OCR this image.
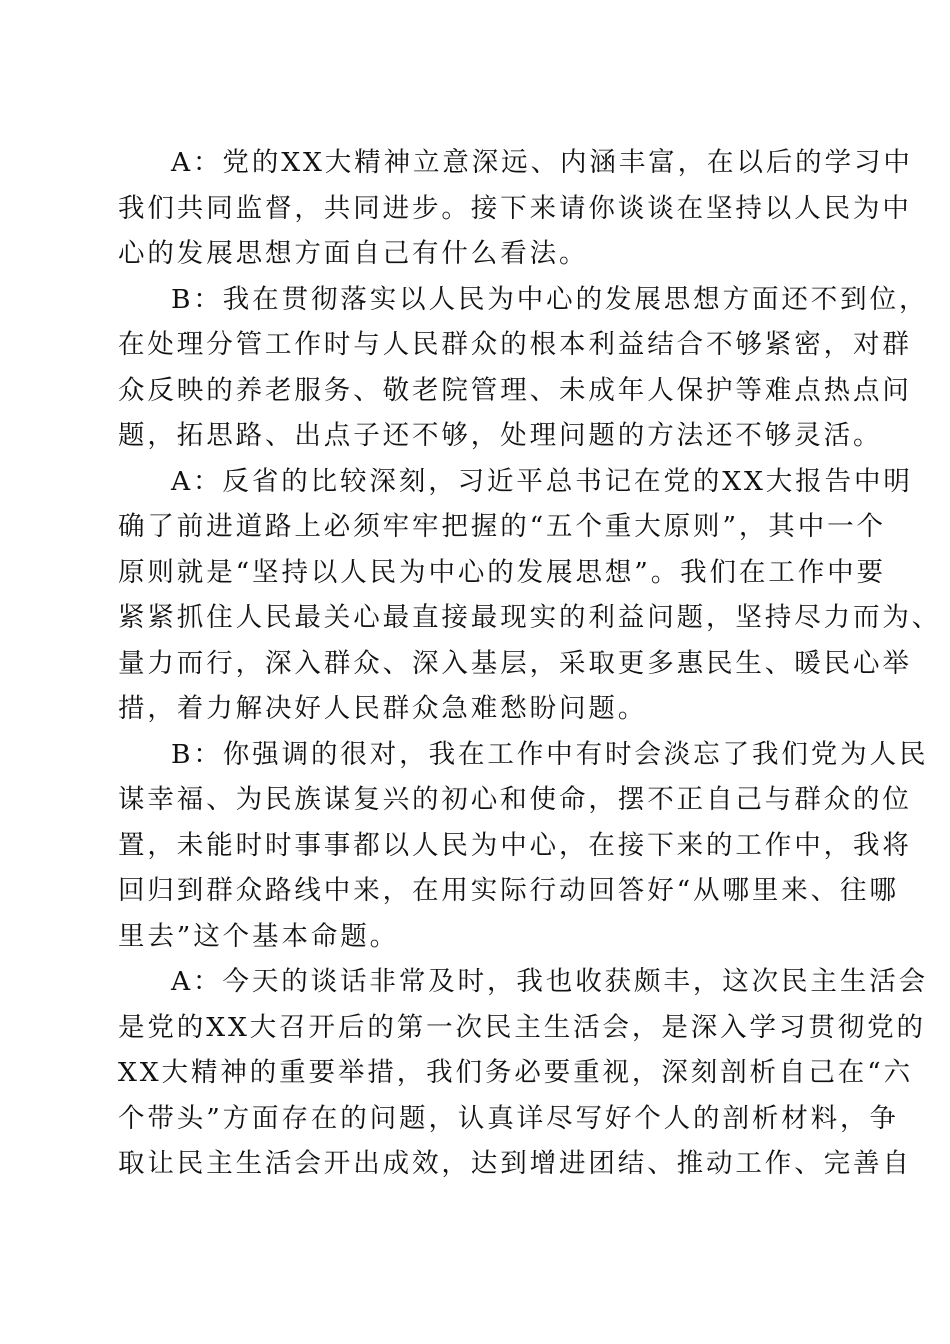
A：党的XX大精神立意深远、内涵丰富，在以后的学习中
我们共同监督，共同进步。接下来请你谈谈在坚持以人民为中
心的发展思想方面自己有什么看法。

B：我在贯彻落实以人民为中心的发展思想方面还不到位，
在处理分管工作时与人民群众的根本利益结合不够紧密，对群
众反映的养老服务、敬老院管理、未成年人保护等难点热点问
题，拓思路、出点子还不够，处理问题的方法还不够灵活。

A：反省的比较深刻，习近平总书记在党的XX大报告中明
确了前进道路上必须牢牢把握的“五个重大原则”，其中一个
原则就是“坚持以人民为中心的发展思想”。我们在工作中要
紧紧抓住人民最关心最直接最现实的利益问题，坚持尽力而为、
量力而行，深入群众、深入基层，采取更多惠民生、暖民心举
措，着力解决好人民群众急难愁盼问题。

B：你强调的很对，我在工作中有时会淡忘了我们党为人民
谋幸福、为民族谋复兴的初心和使命，摆不正自己与群众的位
置，未能时时事事都以人民为中心，在接下来的工作中，我将
回归到群众路线中来，在用实际行动回答好“从哪里来、往哪
里去”这个基本命题。

A：今天的谈话非常及时，我也收获颇丰，这次民主生活会
是党的XX大召开后的第一次民主生活会，是深入学习贯彻党的
XX大精神的重要举措，我们务必要重视，深刻剖析自己在“六
个带头”方面存在的问题，认真详尽写好个人的剖析材料，争
取让民主生活会开出成效，达到增进团结、推动工作、完善自
